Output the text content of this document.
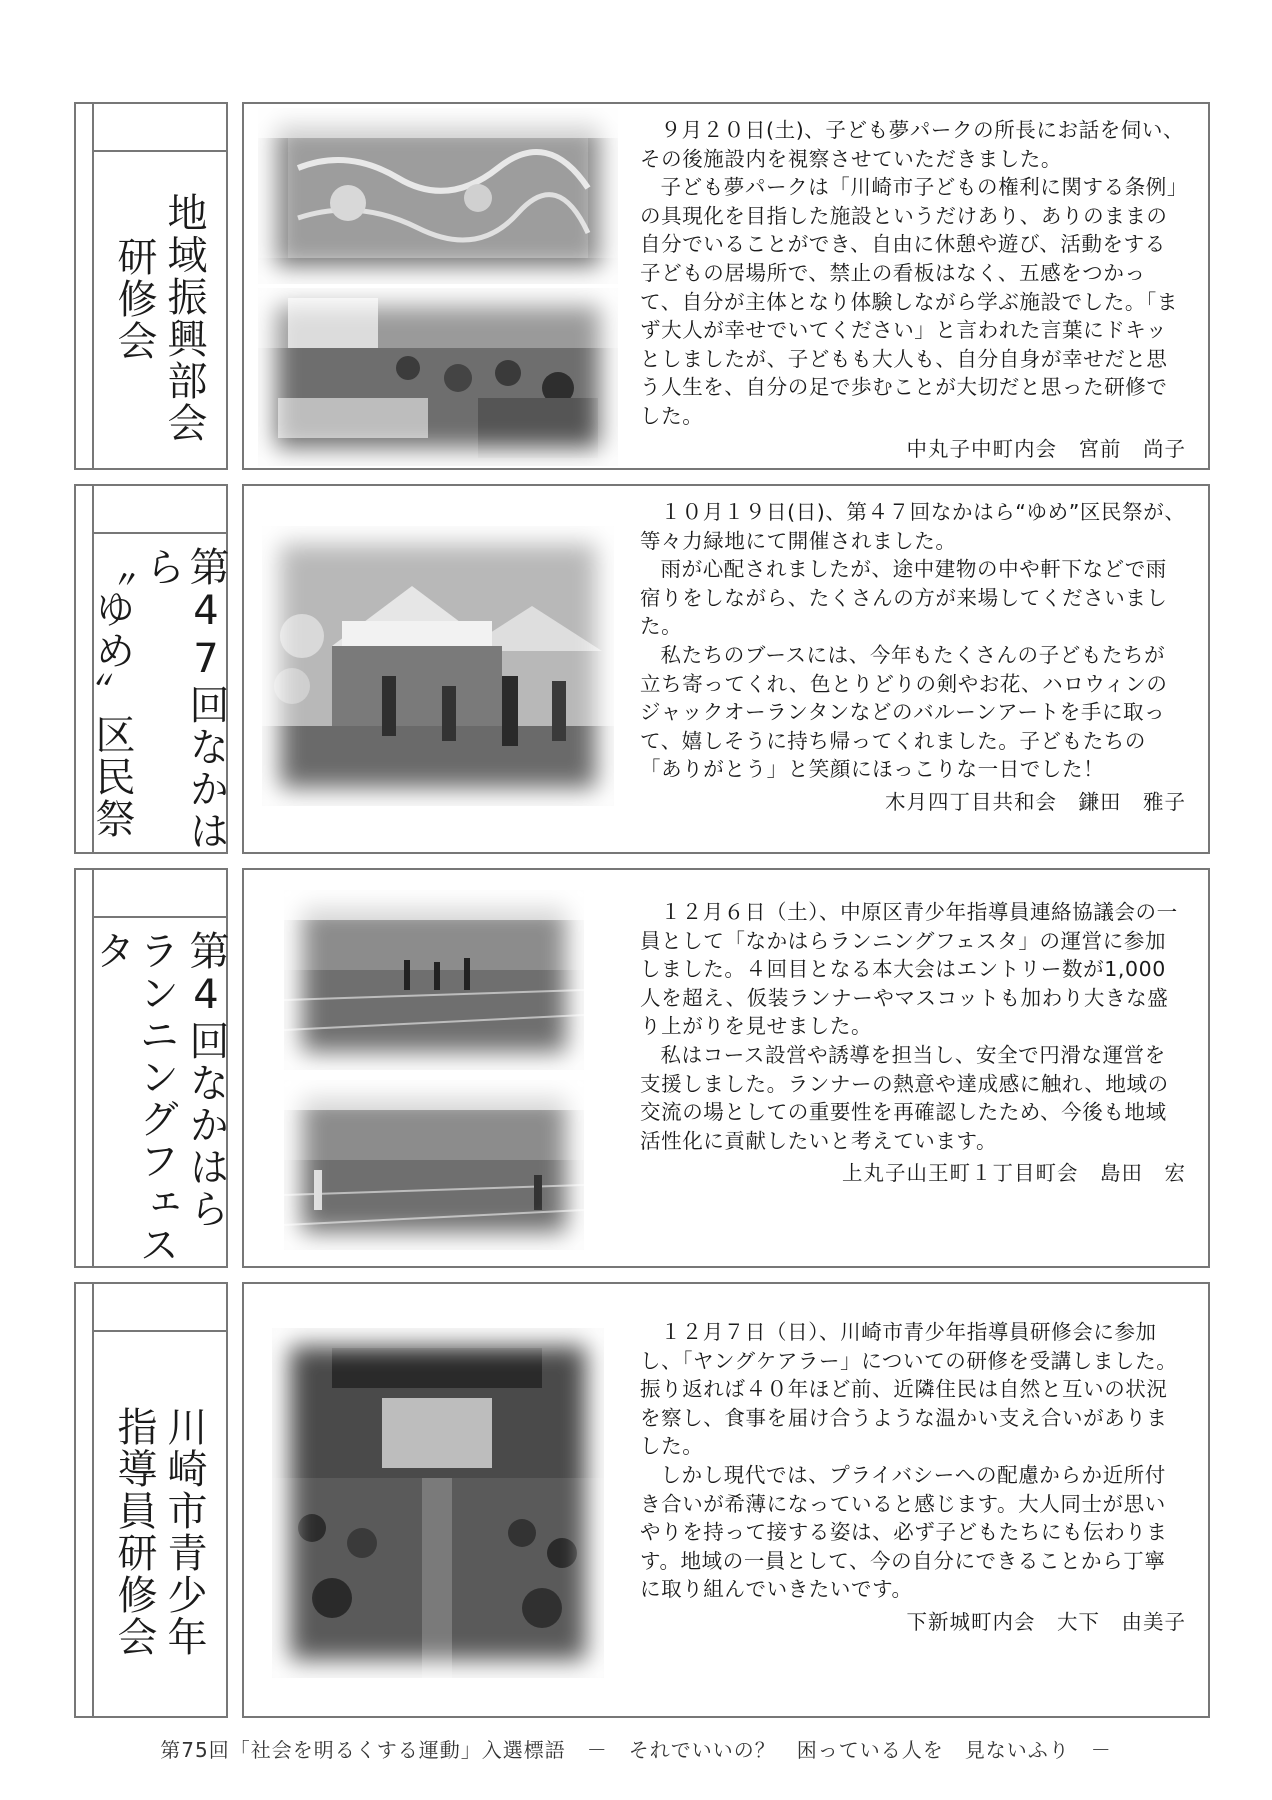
地域振興部会
研修会

９月２０日(土)、子ども夢パークの所長にお話を伺い、その後施設内を視察させていただきました。

子ども夢パークは「川崎市子どもの権利に関する条例」の具現化を目指した施設というだけあり、ありのままの自分でいることができ、自由に休憩や遊び、活動をする子どもの居場所で、禁止の看板はなく、五感をつかって、自分が主体となり体験しながら学ぶ施設でした。「まず大人が幸せでいてください」と言われた言葉にドキッとしましたが、子どもも大人も、自分自身が幸せだと思う人生を、自分の足で歩むことが大切だと思った研修でした。

中丸子中町内会　宮前　尚子
第47回なかはら
〝ゆめ〟区民祭

１０月１９日(日)、第４７回なかはら“ゆめ”区民祭が、等々力緑地にて開催されました。

雨が心配されましたが、途中建物の中や軒下などで雨宿りをしながら、たくさんの方が来場してくださいました。

私たちのブースには、今年もたくさんの子どもたちが立ち寄ってくれ、色とりどりの剣やお花、ハロウィンのジャックオーランタンなどのバルーンアートを手に取って、嬉しそうに持ち帰ってくれました。子どもたちの「ありがとう」と笑顔にほっこりな一日でした！

木月四丁目共和会　鎌田　雅子
第4回なかはら
ランニングフェスタ

１２月６日（土）、中原区青少年指導員連絡協議会の一員として「なかはらランニングフェスタ」の運営に参加しました。４回目となる本大会はエントリー数が1,000人を超え、仮装ランナーやマスコットも加わり大きな盛り上がりを見せました。

私はコース設営や誘導を担当し、安全で円滑な運営を支援しました。ランナーの熱意や達成感に触れ、地域の交流の場としての重要性を再確認したため、今後も地域活性化に貢献したいと考えています。

上丸子山王町１丁目町会　島田　宏
川崎市青少年
指導員研修会

１２月７日（日）、川崎市青少年指導員研修会に参加し、「ヤングケアラー」についての研修を受講しました。振り返れば４０年ほど前、近隣住民は自然と互いの状況を察し、食事を届け合うような温かい支え合いがありました。

しかし現代では、プライバシーへの配慮からか近所付き合いが希薄になっていると感じます。大人同士が思いやりを持って接する姿は、必ず子どもたちにも伝わります。地域の一員として、今の自分にできることから丁寧に取り組んでいきたいです。

下新城町内会　大下　由美子
第75回「社会を明るくする運動」入選標語　－　それでいいの？　困っている人を　見ないふり　－
